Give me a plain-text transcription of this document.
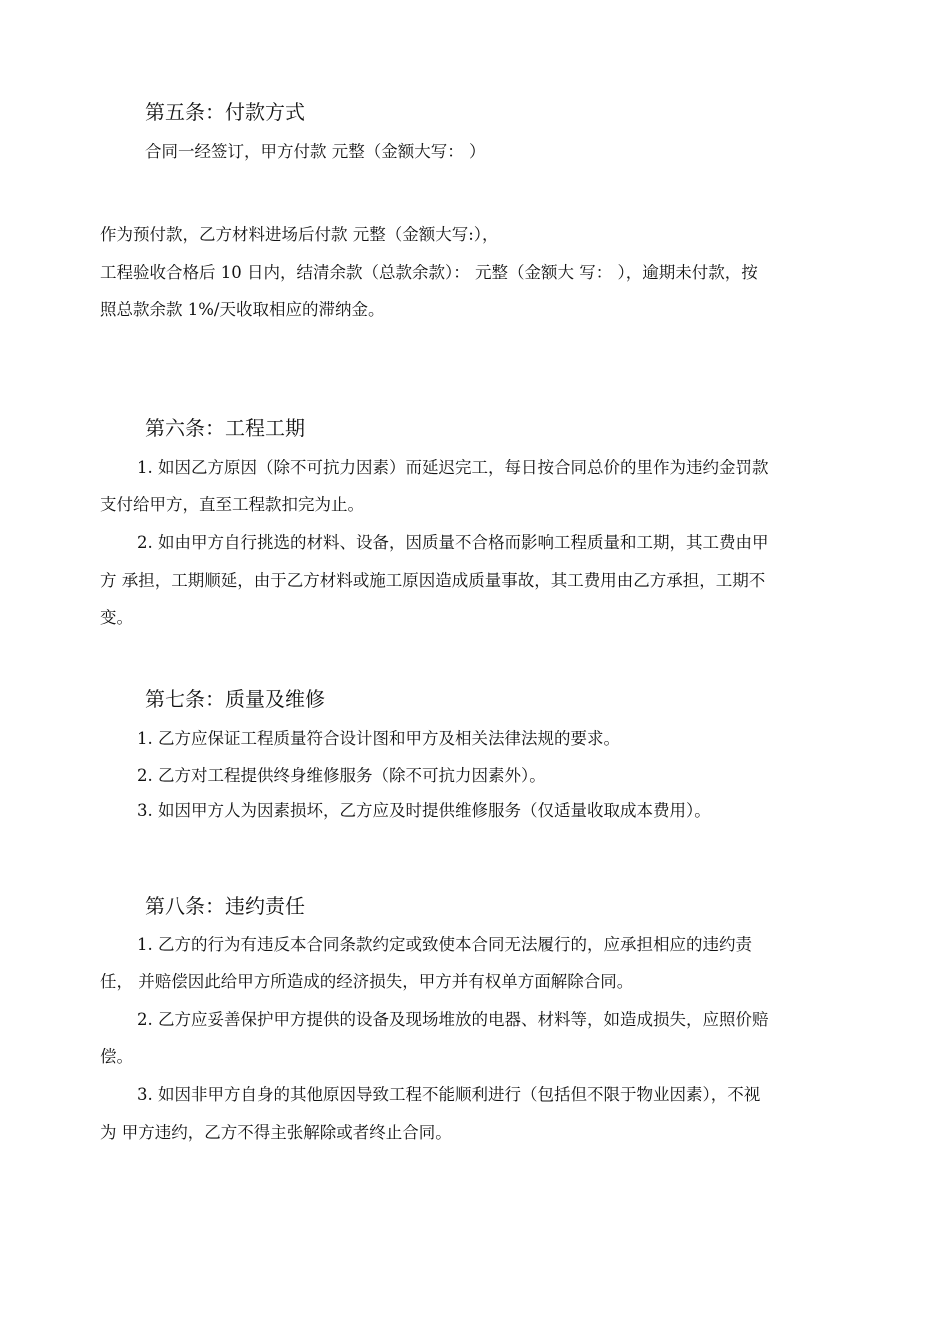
第五条：付款方式

合同一经签订，甲方付款 元整（金额大写： ）

作为预付款，乙方材料进场后付款 元整（金额大写:），

工程验收合格后 10 日内，结清余款（总款余款）： 元整（金额大 写： ），逾期未付款，按

照总款余款 1%/天收取相应的滞纳金。

第六条：工程工期

1. 如因乙方原因（除不可抗力因素）而延迟完工，每日按合同总价的里作为违约金罚款

支付给甲方，直至工程款扣完为止。

2. 如由甲方自行挑选的材料、设备，因质量不合格而影响工程质量和工期，其工费由甲

方 承担，工期顺延，由于乙方材料或施工原因造成质量事故，其工费用由乙方承担，工期不

变。

第七条：质量及维修

1. 乙方应保证工程质量符合设计图和甲方及相关法律法规的要求。

2. 乙方对工程提供终身维修服务（除不可抗力因素外）。

3. 如因甲方人为因素损坏，乙方应及时提供维修服务（仅适量收取成本费用）。

第八条：违约责任

1. 乙方的行为有违反本合同条款约定或致使本合同无法履行的，应承担相应的违约责

任， 并赔偿因此给甲方所造成的经济损失，甲方并有权单方面解除合同。

2. 乙方应妥善保护甲方提供的设备及现场堆放的电器、材料等，如造成损失，应照价赔

偿。

3. 如因非甲方自身的其他原因导致工程不能顺利进行（包括但不限于物业因素），不视

为 甲方违约，乙方不得主张解除或者终止合同。
